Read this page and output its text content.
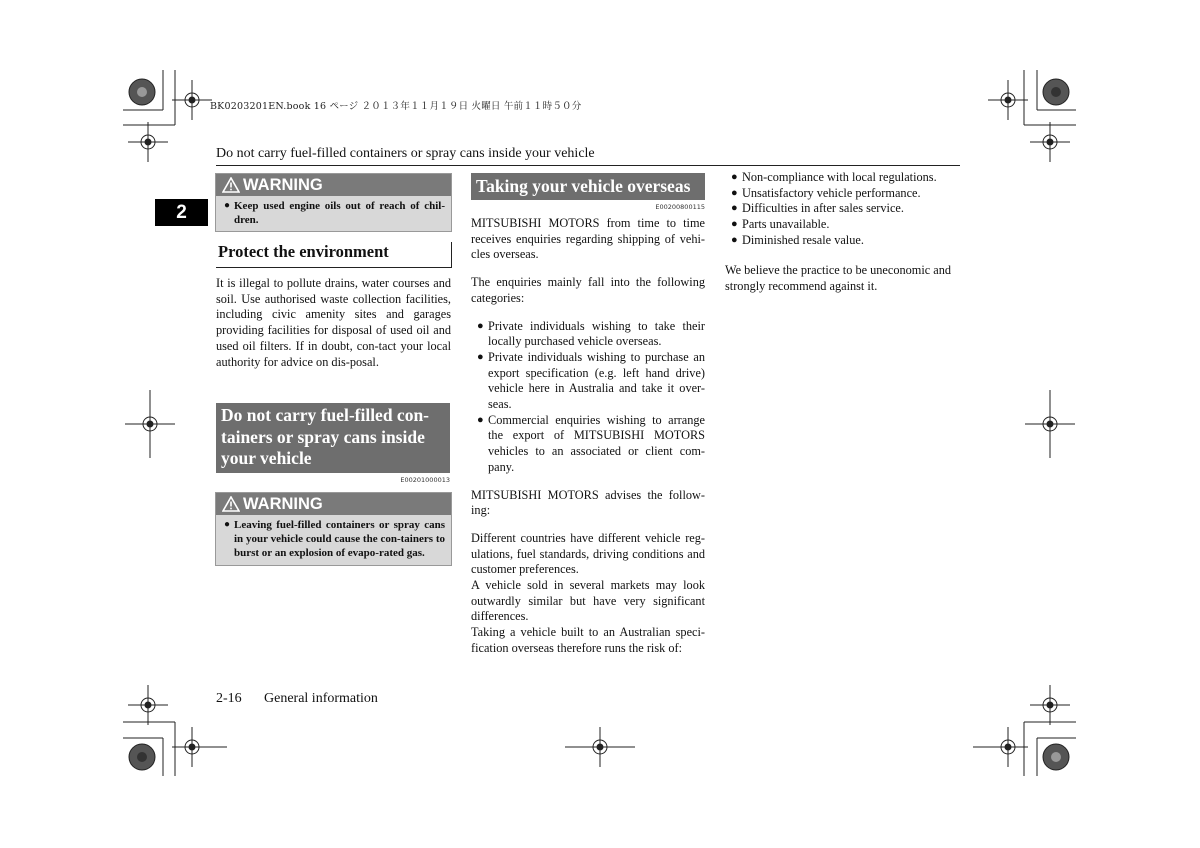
BK0203201EN.book 16 ページ ２０１３年１１月１９日 火曜日 午前１１時５０分
Do not carry fuel-filled containers or spray cans inside your vehicle
2
WARNING
● Keep used engine oils out of reach of chil-dren.
Protect the environment

It is illegal to pollute drains, water courses and soil. Use authorised waste collection facilities, including civic amenity sites and garages providing facilities for disposal of used oil and used oil filters. If in doubt, con-tact your local authority for advice on dis-posal.

Do not carry fuel-filled con-tainers or spray cans inside your vehicle
E00201000013
WARNING
● Leaving fuel-filled containers or spray cans in your vehicle could cause the con-tainers to burst or an explosion of evapo-rated gas.
Taking your vehicle overseas
E00200800115

MITSUBISHI MOTORS from time to time receives enquiries regarding shipping of vehi-cles overseas.

The enquiries mainly fall into the following categories:

● Private individuals wishing to take their locally purchased vehicle overseas.
● Private individuals wishing to purchase an export specification (e.g. left hand drive) vehicle here in Australia and take it over-seas.
● Commercial enquiries wishing to arrange the export of MITSUBISHI MOTORS vehicles to an associated or client com-pany.

MITSUBISHI MOTORS advises the follow-ing:

Different countries have different vehicle reg-ulations, fuel standards, driving conditions and customer preferences.

A vehicle sold in several markets may look outwardly similar but have very significant differences.

Taking a vehicle built to an Australian speci-fication overseas therefore runs the risk of:

● Non-compliance with local regulations.
● Unsatisfactory vehicle performance.
● Difficulties in after sales service.
● Parts unavailable.
● Diminished resale value.

We believe the practice to be uneconomic and strongly recommend against it.

2-16 General information
